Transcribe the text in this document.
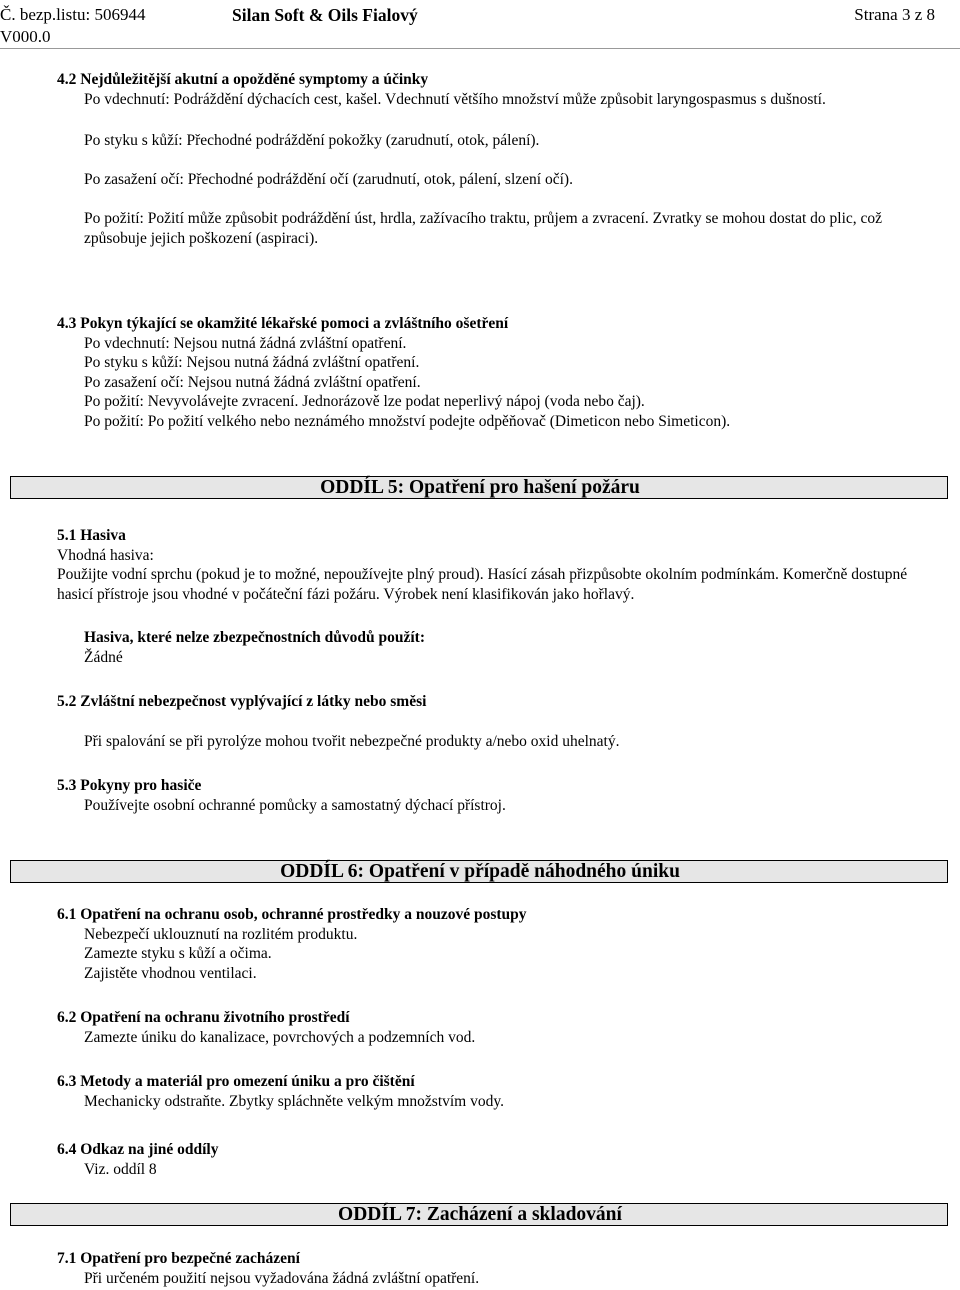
Č. bezp.listu: 506944
V000.0
Silan Soft & Oils Fialový	Strana 3 z 8
4.2 Nejdůležitější akutní a opožděné symptomy a účinky
Po vdechnutí: Podráždění dýchacích cest, kašel. Vdechnutí většího množství může způsobit laryngospasmus s dušností.
Po styku s kůží: Přechodné podráždění pokožky (zarudnutí, otok, pálení).
Po zasažení očí: Přechodné podráždění očí (zarudnutí, otok, pálení, slzení očí).
Po požití: Požití může způsobit podráždění úst, hrdla, zažívacího traktu, průjem a zvracení. Zvratky se mohou dostat do plic, což způsobuje jejich poškození (aspiraci).
4.3 Pokyn týkající se okamžité lékařské pomoci a zvláštního ošetření
Po vdechnutí: Nejsou nutná žádná zvláštní opatření.
Po styku s kůží: Nejsou nutná žádná zvláštní opatření.
Po zasažení očí: Nejsou nutná žádná zvláštní opatření.
Po požití: Nevyvolávejte zvracení. Jednorázově lze podat neperlivý nápoj (voda nebo čaj).
Po požití: Po požití velkého nebo neznámého množství podejte odpěňovač (Dimeticon nebo Simeticon).
ODDÍL 5: Opatření pro hašení požáru
5.1 Hasiva
Vhodná hasiva:
Použijte vodní sprchu (pokud je to možné, nepoužívejte plný proud). Hasící zásah přizpůsobte okolním podmínkám. Komerčně dostupné hasicí přístroje jsou vhodné v počáteční fázi požáru. Výrobek není klasifikován jako hořlavý.
Hasiva, které nelze zbezpečnostních důvodů použít:
Žádné
5.2 Zvláštní nebezpečnost vyplývající z látky nebo směsi
Při spalování se při pyrolýze mohou tvořit nebezpečné produkty a/nebo oxid uhelnatý.
5.3 Pokyny pro hasiče
Používejte osobní ochranné pomůcky a samostatný dýchací přístroj.
ODDÍL 6: Opatření v případě náhodného úniku
6.1 Opatření na ochranu osob, ochranné prostředky a nouzové postupy
Nebezpečí uklouznutí na rozlitém produktu.
Zamezte styku s kůží a očima.
Zajistěte vhodnou ventilaci.
6.2 Opatření na ochranu životního prostředí
Zamezte úniku do kanalizace, povrchových a podzemních vod.
6.3 Metody a materiál pro omezení úniku a pro čištění
Mechanicky odstraňte. Zbytky spláchněte velkým množstvím vody.
6.4 Odkaz na jiné oddíly
Viz. oddíl 8
ODDÍL 7: Zacházení a skladování
7.1 Opatření pro bezpečné zacházení
Při určeném použití nejsou vyžadována žádná zvláštní opatření.
